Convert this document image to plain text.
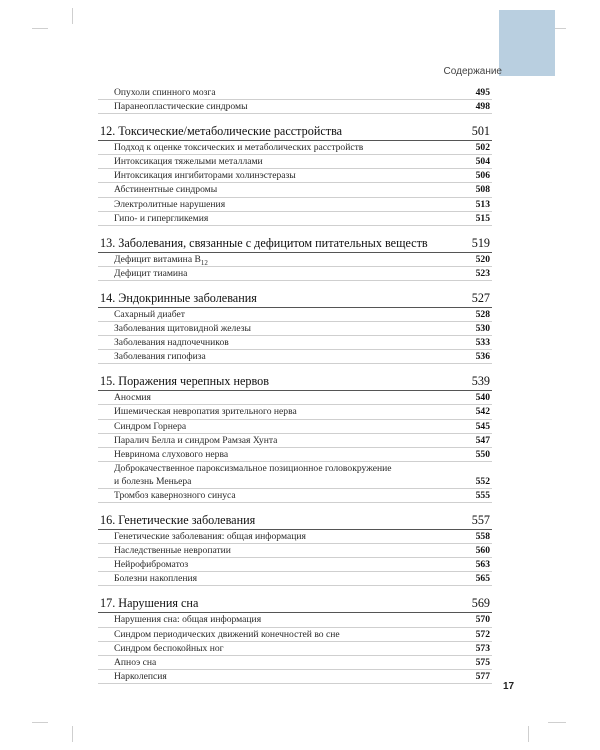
Содержание
Опухоли спинного мозга	495
Паранеопластические синдромы	498
12. Токсические/метаболические расстройства	501
Подход к оценке токсических и метаболических расстройств	502
Интоксикация тяжелыми металлами	504
Интоксикация ингибиторами холинэстеразы	506
Абстинентные синдромы	508
Электролитные нарушения	513
Гипо- и гипергликемия	515
13. Заболевания, связанные с дефицитом питательных веществ	519
Дефицит витамина $B_{12}$	520
Дефицит тиамина	523
14. Эндокринные заболевания	527
Сахарный диабет	528
Заболевания щитовидной железы	530
Заболевания надпочечников	533
Заболевания гипофиза	536
15. Поражения черепных нервов	539
Аносмия	540
Ишемическая невропатия зрительного нерва	542
Синдром Горнера	545
Паралич Белла и синдром Рамзая Хунта	547
Невринома слухового нерва	550
Доброкачественное пароксизмальное позиционное головокружение
и болезнь Меньера	552
Тромбоз кавернозного синуса	555
16. Генетические заболевания	557
Генетические заболевания: общая информация	558
Наследственные невропатии	560
Нейрофиброматоз	563
Болезни накопления	565
17. Нарушения сна	569
Нарушения сна: общая информация	570
Синдром периодических движений конечностей во сне	572
Синдром беспокойных ног	573
Апноэ сна	575
Нарколепсия	577
17
